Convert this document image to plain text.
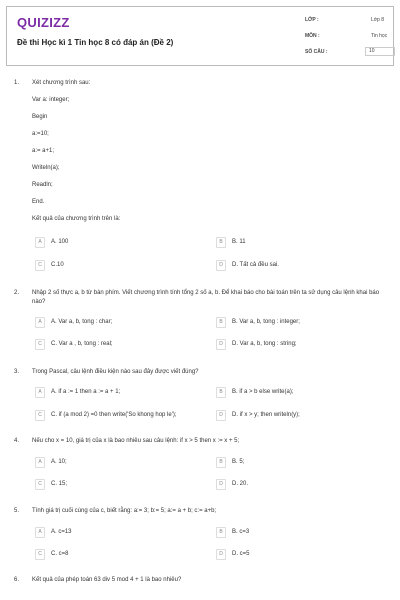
QUIZIZZ
Đề thi Học kì 1 Tin học 8 có đáp án (Đề 2)
LỚP :	Lớp 8
MÔN :	Tin học
SỐ CÂU :	10
1. Xét chương trình sau:
Var a: integer;
Begin
a:=10;
a:= a+1;
Writeln(a);
Readln;
End.
Kết quả của chương trình trên là:
A	A. 100	B	B. 11
C	C.10	D	D. Tất cả đều sai.
2. Nhập 2 số thực a, b từ bàn phím. Viết chương trình tính tổng 2 số a, b. Để khai báo cho bài toán trên ta sử dụng câu lệnh khai báo nào?
A	A. Var a, b, tong : char;	B	B. Var a, b, tong : integer;
C	C. Var a , b, tong : real;	D	D. Var a, b, tong : string;
3. Trong Pascal, câu lệnh điều kiện nào sau đây được viết đúng?
A	A. if a := 1 then a := a + 1;	B	B. if a > b else write(a);
C	C. if (a mod 2) =0 then write('So khong hop le');	D	D. if x > y; then writeln(y);
4. Nếu cho x = 10, giá trị của x là bao nhiêu sau câu lệnh: if x > 5 then x := x + 5;
A	A. 10;	B	B. 5;
C	C. 15;	D	D. 20.
5. Tính giá trị cuối cùng của c, biết rằng: a:= 3; b:= 5; a:= a + b; c:= a+b;
A	A. c=13	B	B. c=3
C	C. c=8	D	D. c=5
6. Kết quả của phép toán 63 div 5 mod 4 + 1 là bao nhiêu?
